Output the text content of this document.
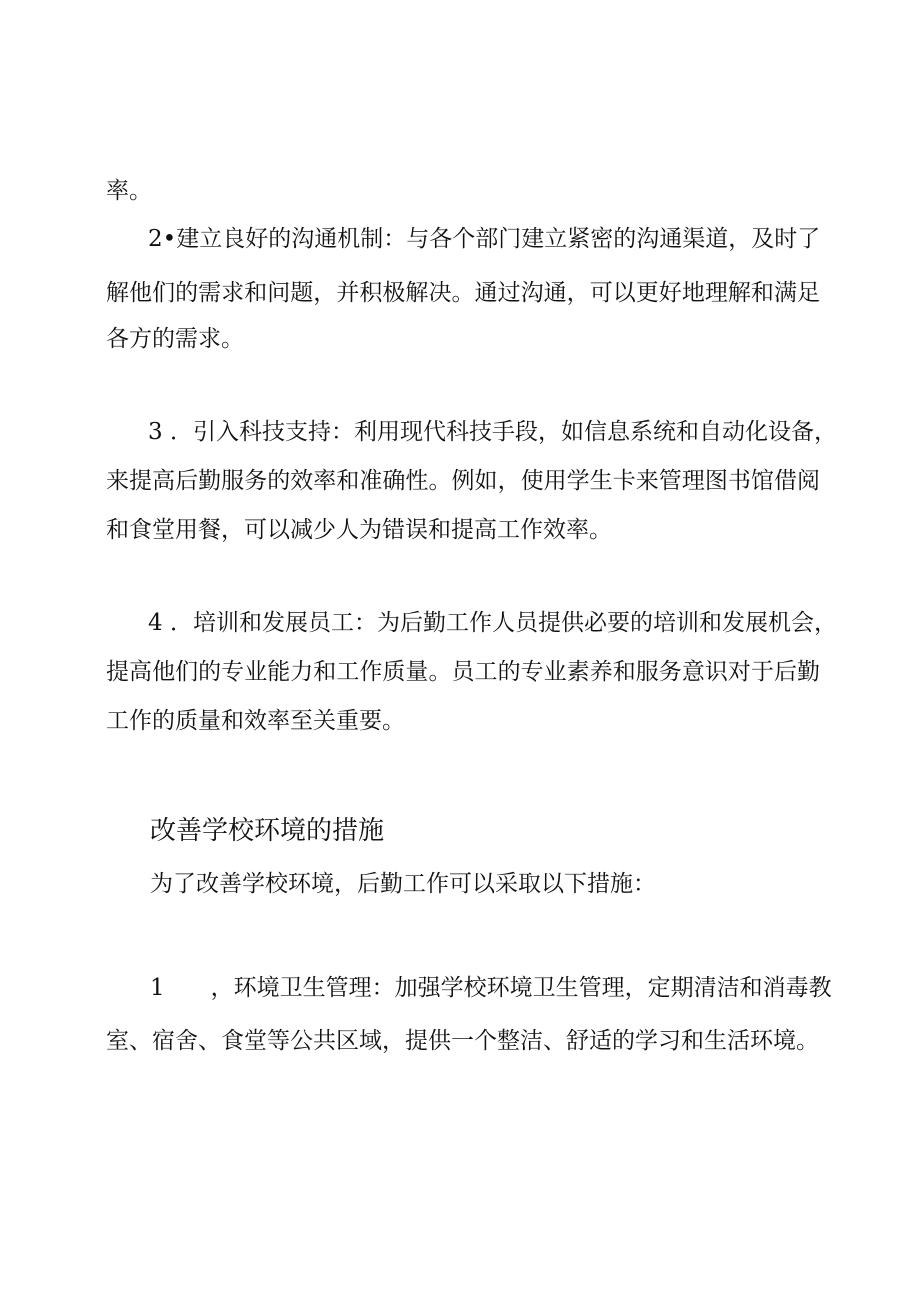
率。

2•建立良好的沟通机制：与各个部门建立紧密的沟通渠道，及时了

解他们的需求和问题，并积极解决。通过沟通，可以更好地理解和满足

各方的需求。

3 ．引入科技支持：利用现代科技手段，如信息系统和自动化设备，

来提高后勤服务的效率和准确性。例如，使用学生卡来管理图书馆借阅

和食堂用餐，可以减少人为错误和提高工作效率。

4 ．培训和发展员工：为后勤工作人员提供必要的培训和发展机会，

提高他们的专业能力和工作质量。员工的专业素养和服务意识对于后勤

工作的质量和效率至关重要。

改善学校环境的措施

为了改善学校环境，后勤工作可以采取以下措施：

1　　，环境卫生管理：加强学校环境卫生管理，定期清洁和消毒教

室、宿舍、食堂等公共区域，提供一个整洁、舒适的学习和生活环境。
